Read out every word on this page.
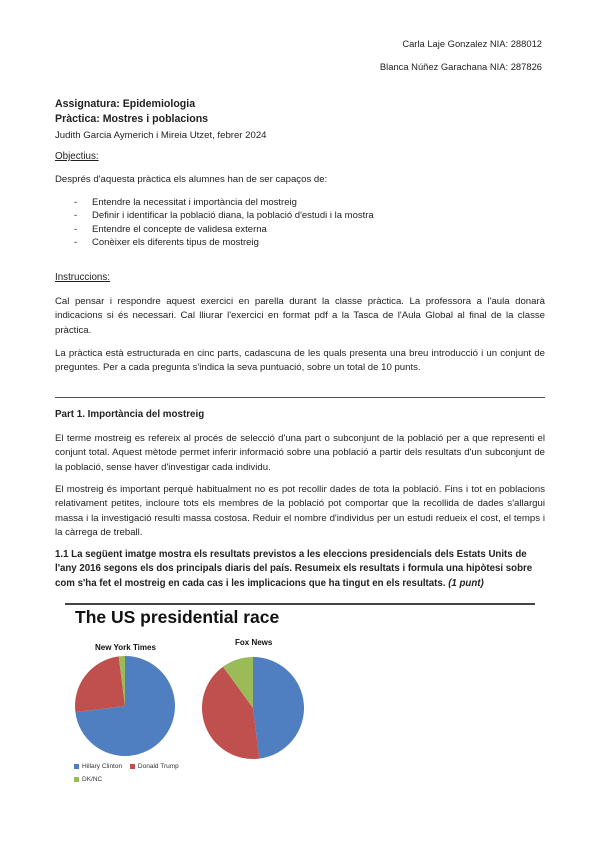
Carla Laje Gonzalez NIA: 288012
Blanca Núñez Garachana NIA: 287826
Assignatura: Epidemiologia
Pràctica: Mostres i poblacions
Judith Garcia Aymerich i Mireia Utzet, febrer 2024
Objectius:
Després d'aquesta pràctica els alumnes han de ser capaços de:
- Entendre la necessitat i importància del mostreig
- Definir i identificar la població diana, la població d'estudi i la mostra
- Entendre el concepte de validesa externa
- Conèixer els diferents tipus de mostreig
Instruccions:
Cal pensar i respondre aquest exercici en parella durant la classe pràctica. La professora a l'aula donarà indicacions si és necessari. Cal lliurar l'exercici en format pdf a la Tasca de l'Aula Global al final de la classe pràctica.
La pràctica està estructurada en cinc parts, cadascuna de les quals presenta una breu introducció i un conjunt de preguntes. Per a cada pregunta s'indica la seva puntuació, sobre un total de 10 punts.
Part 1. Importància del mostreig
El terme mostreig es refereix al procés de selecció d'una part o subconjunt de la població per a que representi el conjunt total. Aquest mètode permet inferir informació sobre una població a partir dels resultats d'un subconjunt de la població, sense haver d'investigar cada individu.
El mostreig és important perquè habitualment no es pot recollir dades de tota la població. Fins i tot en poblacions relativament petites, incloure tots els membres de la població pot comportar que la recollida de dades s'allargui massa i la investigació resulti massa costosa. Reduir el nombre d'individus per un estudi redueix el cost, el temps i la càrrega de treball.
1.1 La següent imatge mostra els resultats previstos a les eleccions presidencials dels Estats Units de l'any 2016 segons els dos principals diaris del país. Resumeix els resultats i formula una hipòtesi sobre com s'ha fet el mostreig en cada cas i les implicacions que ha tingut en els resultats. (1 punt)
The US presidential race
New York Times
Fox News
Hillary Clinton Donald Trump
DK/NC
